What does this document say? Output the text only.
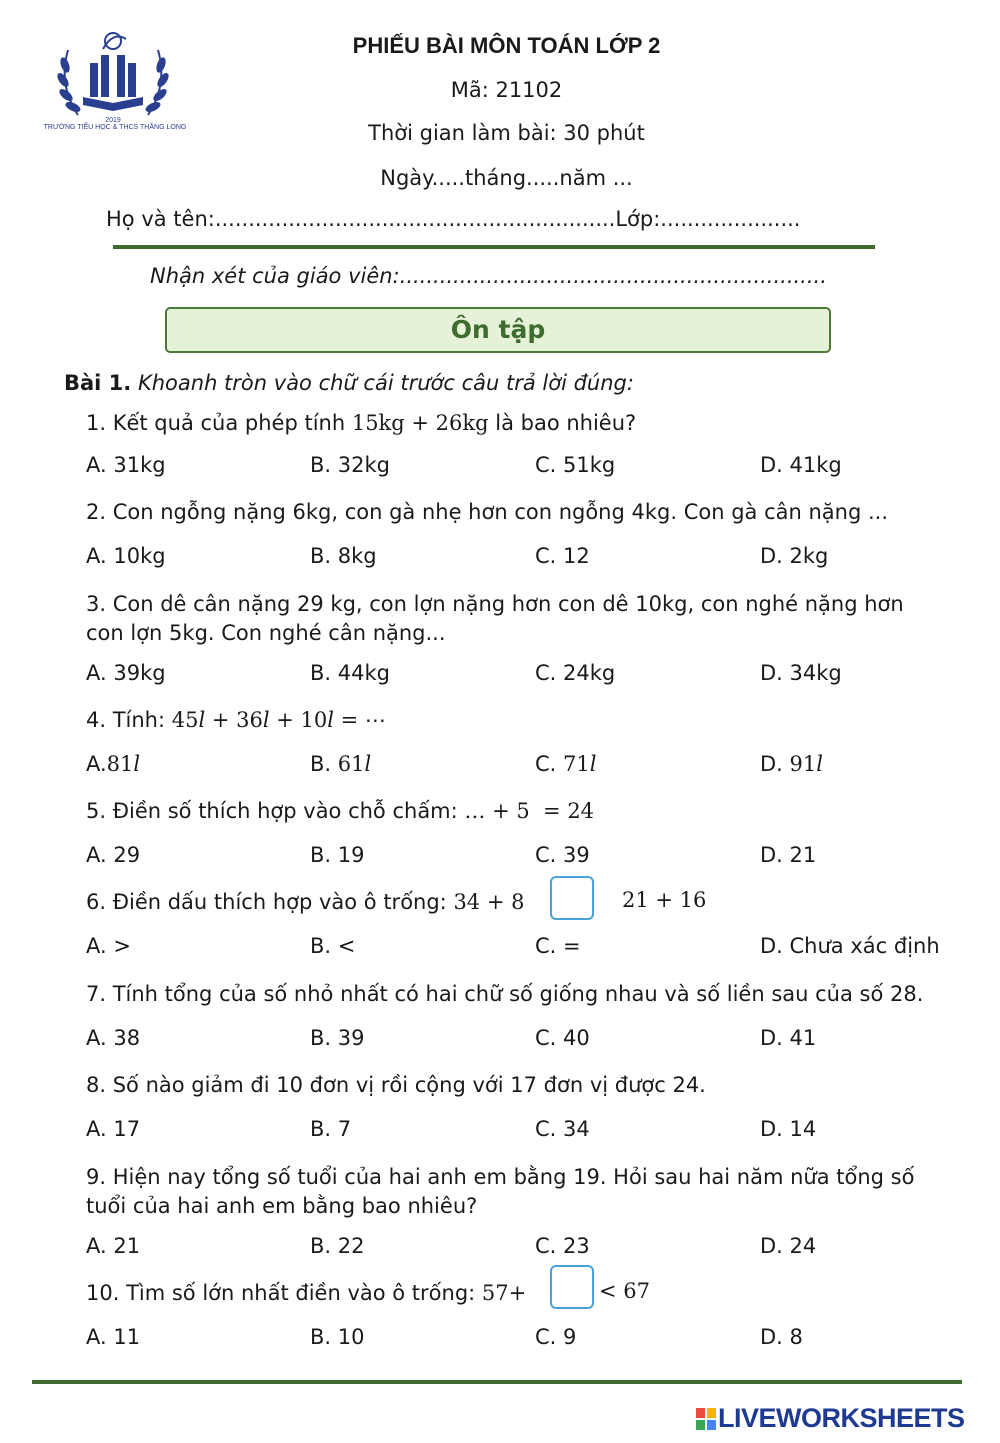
2019
TRƯỜNG TIỂU HỌC & THCS THĂNG LONG
PHIẾU BÀI MÔN TOÁN LỚP 2
Mã: 21102
Thời gian làm bài: 30 phút
Ngày.....tháng.....năm ...
Họ và tên:............................................................Lớp:.....................
Nhận xét của giáo viên:................................................................
Ôn tập
Bài 1. Khoanh tròn vào chữ cái trước câu trả lời đúng:
1. Kết quả của phép tính 15kg + 26kg là bao nhiêu?
A. 31kg	B. 32kg	C. 51kg	D. 41kg
2. Con ngỗng nặng 6kg, con gà nhẹ hơn con ngỗng 4kg. Con gà cân nặng ...
A. 10kg	B. 8kg	C. 12	D. 2kg
3. Con dê cân nặng 29 kg, con lợn nặng hơn con dê 10kg, con nghé nặng hơn con lợn 5kg. Con nghé cân nặng...
A. 39kg	B. 44kg	C. 24kg	D. 34kg
4. Tính: 45𝑙 + 36𝑙 + 10𝑙 = ⋯
A.81𝑙	B. 61𝑙	C. 71𝑙	D. 91𝑙
5. Điền số thích hợp vào chỗ chấm: … + 5  = 24
A. 29	B. 19	C. 39	D. 21
6. Điền dấu thích hợp vào ô trống: 34 + 8	21 + 16
A. >	B. <	C. =	D. Chưa xác định
7. Tính tổng của số nhỏ nhất có hai chữ số giống nhau và số liền sau của số 28.
A. 38	B. 39	C. 40	D. 41
8. Số nào giảm đi 10 đơn vị rồi cộng với 17 đơn vị được 24.
A. 17	B. 7	C. 34	D. 14
9. Hiện nay tổng số tuổi của hai anh em bằng 19. Hỏi sau hai năm nữa tổng số tuổi của hai anh em bằng bao nhiêu?
A. 21	B. 22	C. 23	D. 24
10. Tìm số lớn nhất điền vào ô trống: 57+	< 67
A. 11	B. 10	C. 9	D. 8
LIVEWORKSHEETS
